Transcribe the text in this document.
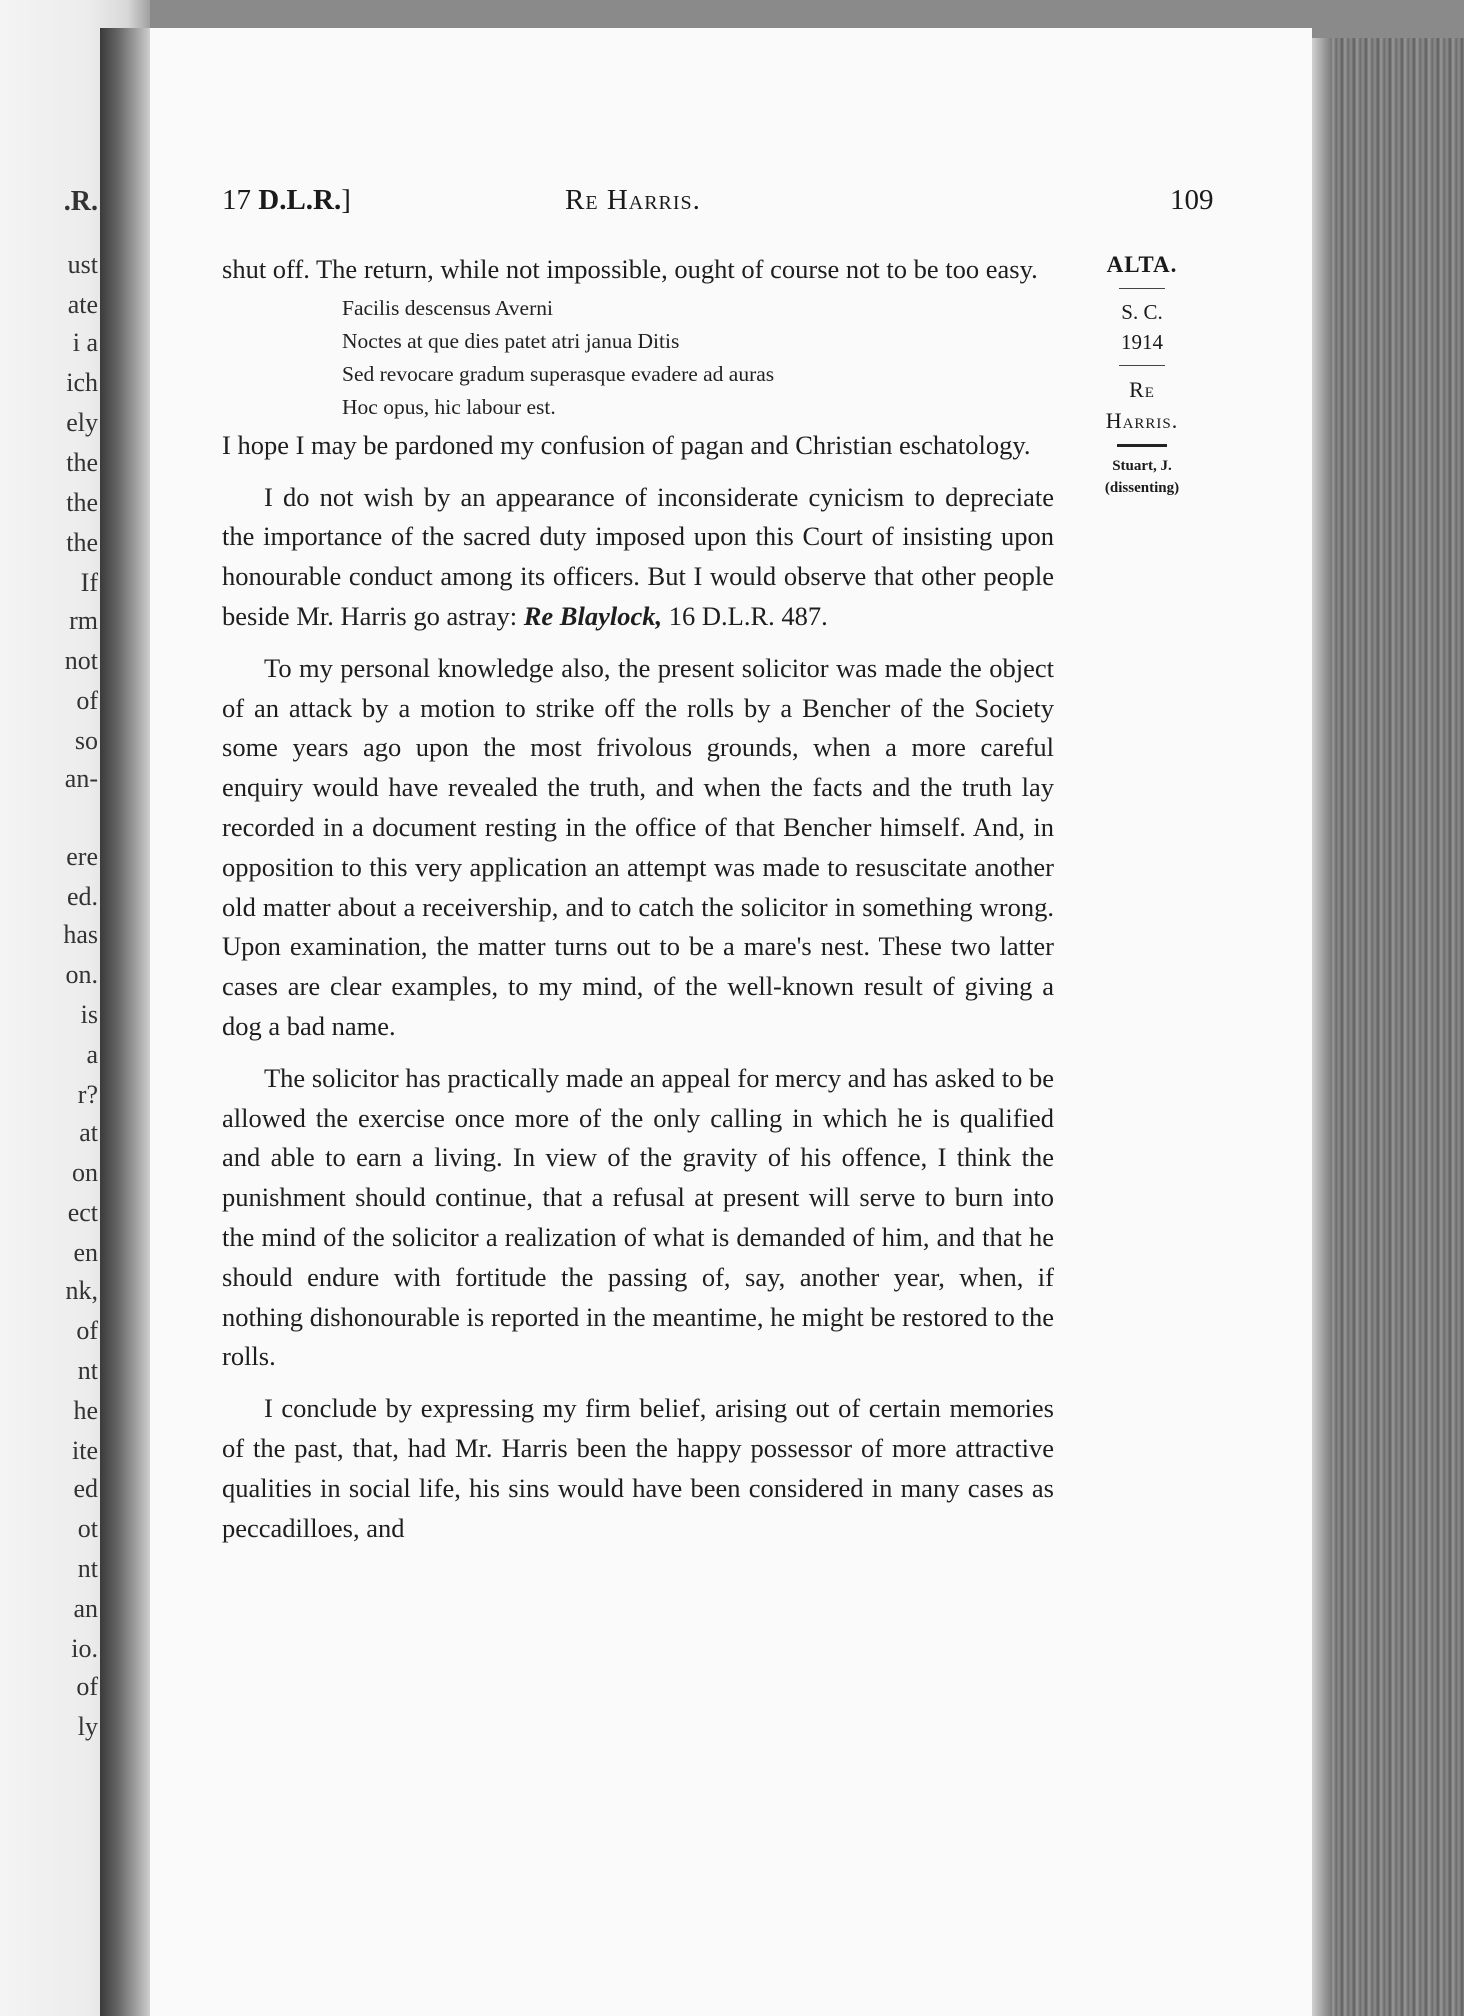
.R.
ust
ate
i a
ich
ely
the
the
the
If
rm
not
of
so
an-
ere
ed.
has
on.
is
a
r?
at
on
ect
en
nk,
of
nt
he
ite
ed
ot
nt
an
io.
of
ly
17 D.L.R.]	Re Harris.	109
ALTA.
S. C.
1914
Re
Harris.
Stuart, J.
(dissenting)

shut off. The return, while not impossible, ought of course not to be too easy.

Facilis descensus Averni
Noctes at que dies patet atri janua Ditis
Sed revocare gradum superasque evadere ad auras
Hoc opus, hic labour est.

I hope I may be pardoned my confusion of pagan and Christian eschatology.

I do not wish by an appearance of inconsiderate cynicism to depreciate the importance of the sacred duty imposed upon this Court of insisting upon honourable conduct among its officers. But I would observe that other people beside Mr. Harris go astray: Re Blaylock, 16 D.L.R. 487.

To my personal knowledge also, the present solicitor was made the object of an attack by a motion to strike off the rolls by a Bencher of the Society some years ago upon the most frivolous grounds, when a more careful enquiry would have revealed the truth, and when the facts and the truth lay recorded in a document resting in the office of that Bencher himself. And, in opposition to this very application an attempt was made to resuscitate another old matter about a receivership, and to catch the solicitor in something wrong. Upon examination, the matter turns out to be a mare's nest. These two latter cases are clear examples, to my mind, of the well-known result of giving a dog a bad name.

The solicitor has practically made an appeal for mercy and has asked to be allowed the exercise once more of the only calling in which he is qualified and able to earn a living. In view of the gravity of his offence, I think the punishment should continue, that a refusal at present will serve to burn into the mind of the solicitor a realization of what is demanded of him, and that he should endure with fortitude the passing of, say, another year, when, if nothing dishonourable is reported in the meantime, he might be restored to the rolls.

I conclude by expressing my firm belief, arising out of certain memories of the past, that, had Mr. Harris been the happy possessor of more attractive qualities in social life, his sins would have been considered in many cases as peccadilloes, and
